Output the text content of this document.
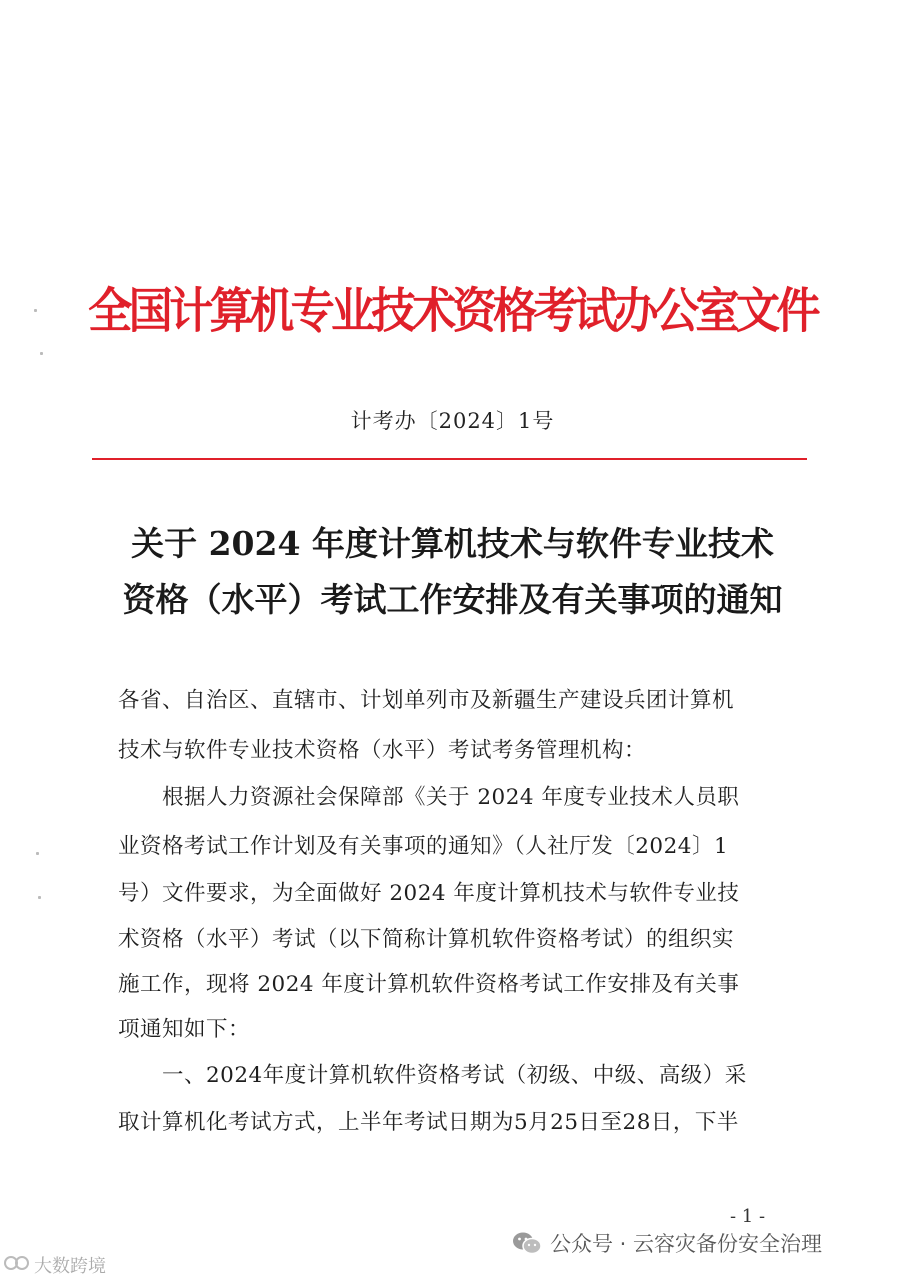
全国计算机专业技术资格考试办公室文件
计考办〔2024〕1号
关于 2024 年度计算机技术与软件专业技术
资格（水平）考试工作安排及有关事项的通知
各省、自治区、直辖市、计划单列市及新疆生产建设兵团计算机
技术与软件专业技术资格（水平）考试考务管理机构：
　　根据人力资源社会保障部《关于 2024 年度专业技术人员职
业资格考试工作计划及有关事项的通知》（人社厅发〔2024〕1
号）文件要求，为全面做好 2024 年度计算机技术与软件专业技
术资格（水平）考试（以下简称计算机软件资格考试）的组织实
施工作，现将 2024 年度计算机软件资格考试工作安排及有关事
项通知如下：
　　一、2024年度计算机软件资格考试（初级、中级、高级）采
取计算机化考试方式，上半年考试日期为5月25日至28日，下半
- 1 -
公众号 · 云容灾备份安全治理
大数跨境
